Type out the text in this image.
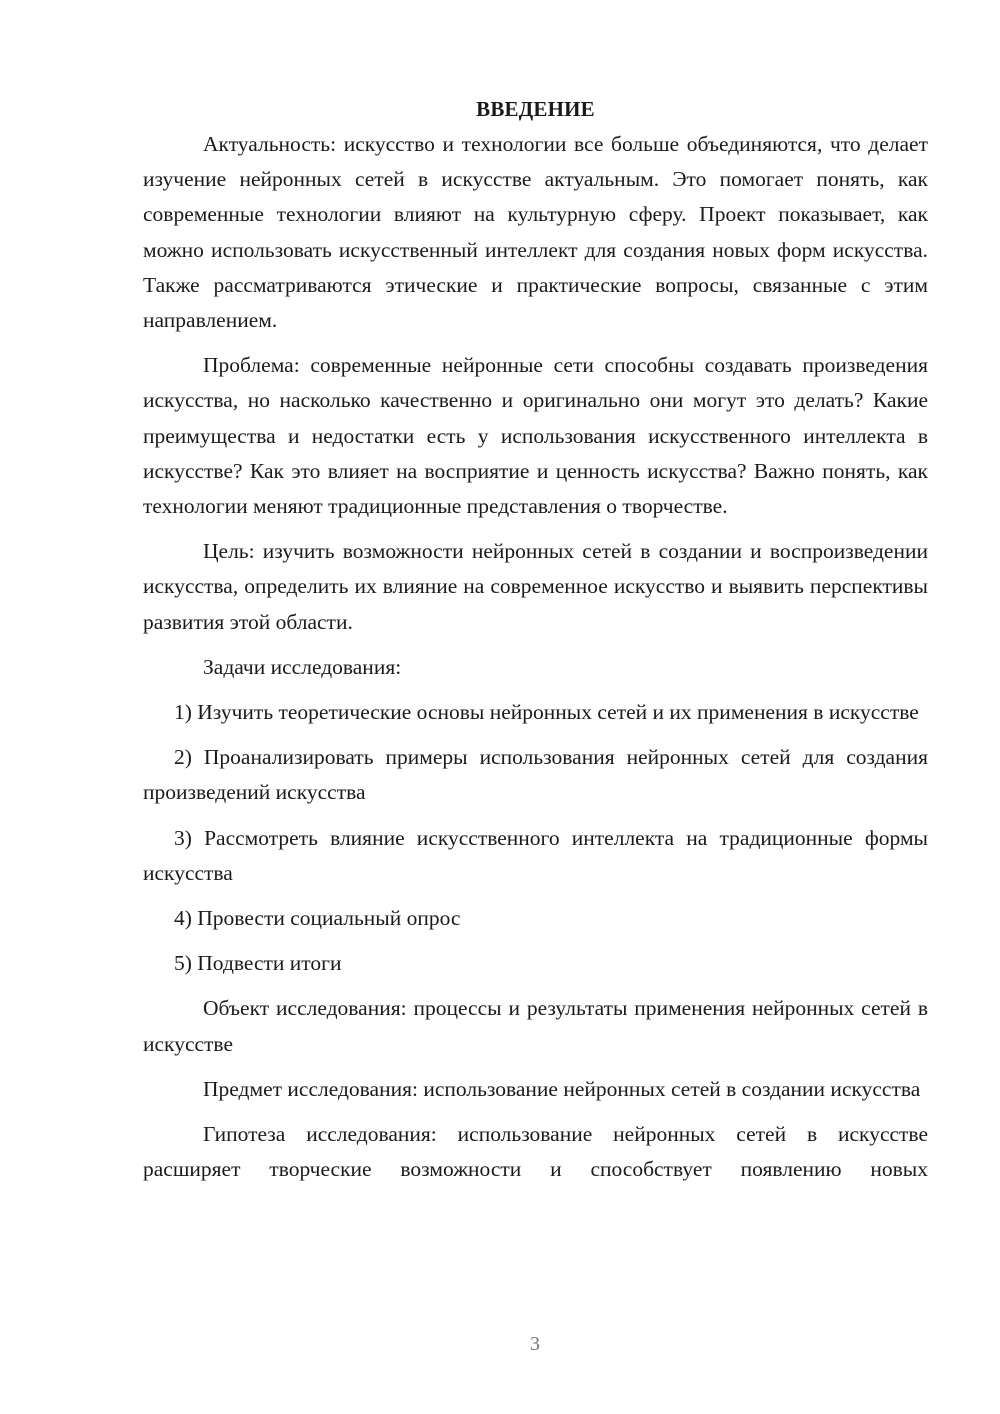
ВВЕДЕНИЕ

Актуальность: искусство и технологии все больше объединяются, что делает изучение нейронных сетей в искусстве актуальным. Это помогает понять, как современные технологии влияют на культурную сферу. Проект показывает, как можно использовать искусственный интеллект для создания новых форм искусства. Также рассматриваются этические и практические вопросы, связанные с этим направлением.

Проблема: современные нейронные сети способны создавать произведения искусства, но насколько качественно и оригинально они могут это делать? Какие преимущества и недостатки есть у использования искусственного интеллекта в искусстве? Как это влияет на восприятие и ценность искусства? Важно понять, как технологии меняют традиционные представления о творчестве.

Цель: изучить возможности нейронных сетей в создании и воспроизведении искусства, определить их влияние на современное искусство и выявить перспективы развития этой области.

Задачи исследования:

1) Изучить теоретические основы нейронных сетей и их применения в искусстве

2) Проанализировать примеры использования нейронных сетей для создания произведений искусства

3) Рассмотреть влияние искусственного интеллекта на традиционные формы искусства

4) Провести социальный опрос

5) Подвести итоги

Объект исследования: процессы и результаты применения нейронных сетей в искусстве

Предмет исследования: использование нейронных сетей в создании искусства

Гипотеза исследования: использование нейронных сетей в искусстве расширяет творческие возможности и способствует появлению новых

3
